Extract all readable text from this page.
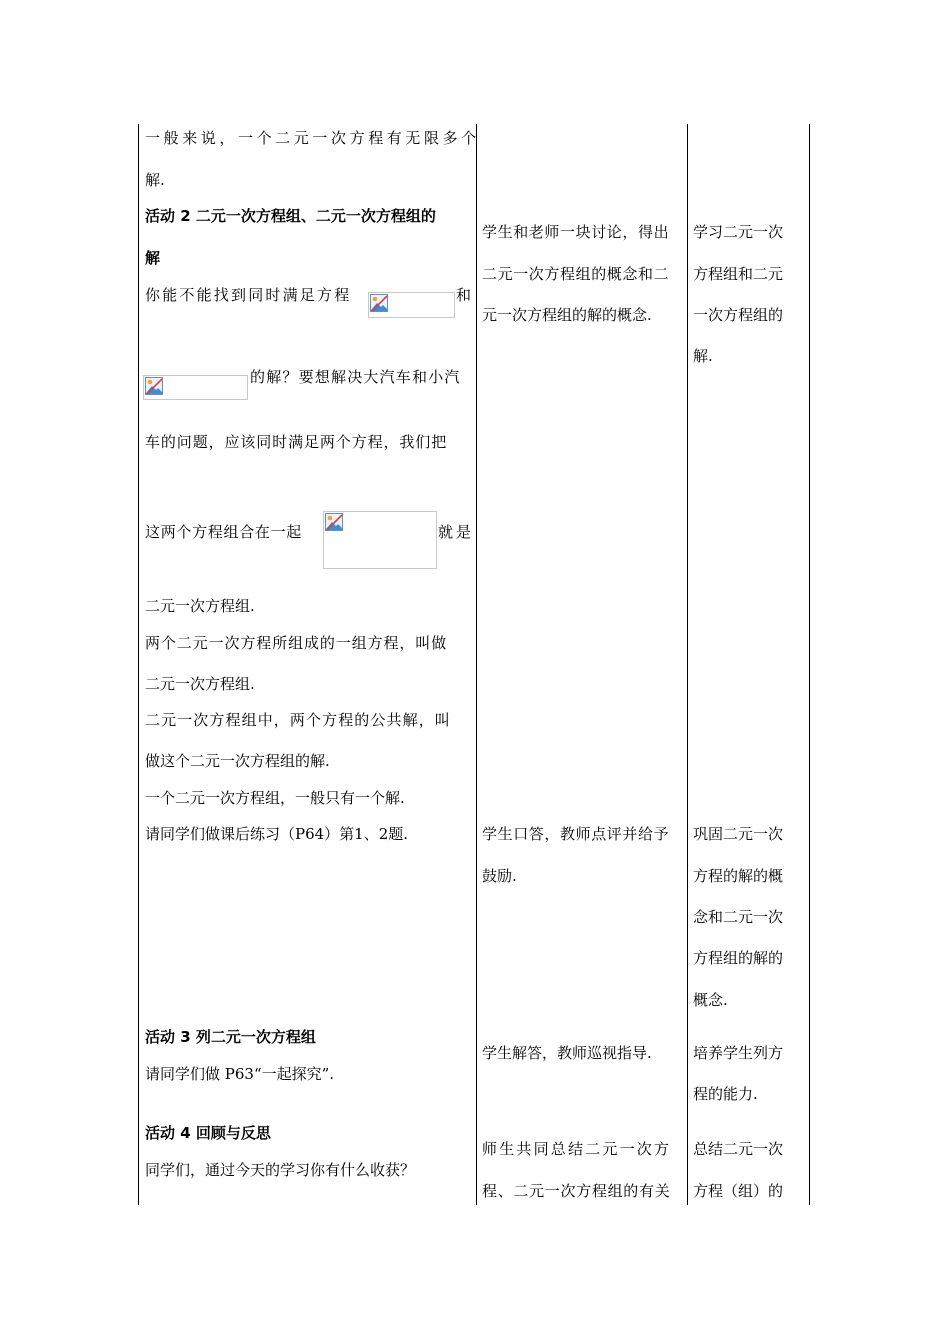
一般来说，一个二元一次方程有无限多个
解.
活动 2 二元一次方程组、二元一次方程组的
解
你能不能找到同时满足方程	和
的解？要想解决大汽车和小汽
车的问题，应该同时满足两个方程，我们把
这两个方程组合在一起	就是
二元一次方程组.
两个二元一次方程所组成的一组方程，叫做
二元一次方程组.
二元一次方程组中，两个方程的公共解，叫
做这个二元一次方程组的解.
一个二元一次方程组，一般只有一个解.
请同学们做课后练习（P64）第1、2题.
活动 3 列二元一次方程组
请同学们做 P63“一起探究”.
活动 4 回顾与反思
同学们，通过今天的学习你有什么收获？
学生和老师一块讨论，得出
二元一次方程组的概念和二
元一次方程组的解的概念.
学生口答，教师点评并给予
鼓励.
学生解答，教师巡视指导.
师生共同总结二元一次方
程、二元一次方程组的有关
学习二元一次
方程组和二元
一次方程组的
解.
巩固二元一次
方程的解的概
念和二元一次
方程组的解的
概念.
培养学生列方
程的能力.
总结二元一次
方程（组）的
